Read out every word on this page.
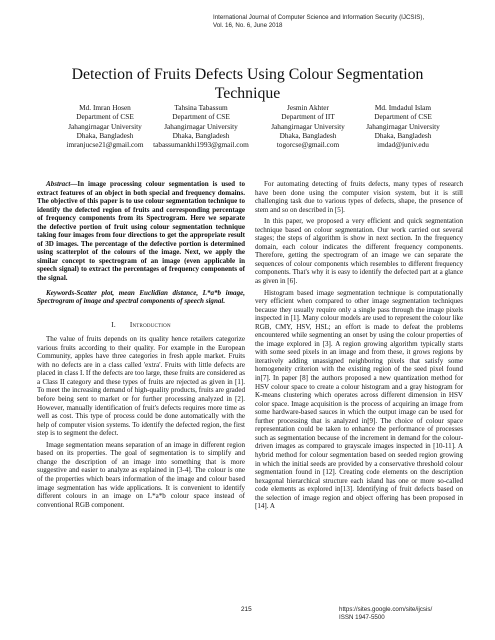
International Journal of Computer Science and Information Security (IJCSIS),
Vol. 16, No. 6, June 2018
Detection of Fruits Defects Using Colour Segmentation
Technique
Md. Imran Hosen
Department of CSE
Jahangirnagar University
Dhaka, Bangladesh
imranjucse21@gmail.com
Tahsina Tabassum
Department of CSE
Jahangirnagar University
Dhaka, Bangladesh
tabassumankhi1993@gmail.com
Jesmin Akhter
Department of IIT
Jahangirnagar University
Dhaka, Bangladesh
togorcse@gmail.com
Md. Imdadul Islam
Department of CSE
Jahangirnagar University
Dhaka, Bangladesh
imdad@juniv.edu

Abstract—In image processing colour segmentation is used to extract features of an object in both special and frequency domains. The objective of this paper is to use colour segmentation technique to identify the defected region of fruits and corresponding percentage of frequency components from its Spectrogram. Here we separate the defective portion of fruit using colour segmentation technique taking four images from four directions to get the appropriate result of 3D images. The percentage of the defective portion is determined using scatterplot of the colours of the image. Next, we apply the similar concept to spectrogram of an image (even applicable in speech signal) to extract the percentages of frequency components of the signal.

Keywords-Scatter plot, mean Euclidian distance, L*a*b image, Spectrogram of image and spectral components of speech signal.

I. Introduction

The value of fruits depends on its quality hence retailers categorize various fruits according to their quality. For example in the European Community, apples have three categories in fresh apple market. Fruits with no defects are in a class called 'extra'. Fruits with little defects are placed in class I. If the defects are too large, these fruits are considered as a Class II category and these types of fruits are rejected as given in [1]. To meet the increasing demand of high-quality products, fruits are graded before being sent to market or for further processing analyzed in [2]. However, manually identification of fruit's defects requires more time as well as cost. This type of process could be done automatically with the help of computer vision systems. To identify the defected region, the first step is to segment the defect.

Image segmentation means separation of an image in different region based on its properties. The goal of segmentation is to simplify and change the description of an image into something that is more suggestive and easier to analyze as explained in [3-4]. The colour is one of the properties which bears information of the image and colour based image segmentation has wide applications. It is convenient to identify different colours in an image on L*a*b colour space instead of conventional RGB component.

For automating detecting of fruits defects, many types of research have been done using the computer vision system, but it is still challenging task due to various types of defects, shape, the presence of stem and so on described in [5].

In this paper, we proposed a very efficient and quick segmentation technique based on colour segmentation. Our work carried out several stages; the steps of algorithm is show in next section. In the frequency domain, each colour indicates the different frequency components. Therefore, getting the spectrogram of an image we can separate the sequences of colour components which resembles to different frequency components. That's why it is easy to identify the defected part at a glance as given in [6].

Histogram based image segmentation technique is computationally very efficient when compared to other image segmentation techniques because they usually require only a single pass through the image pixels inspected in [1]. Many colour models are used to represent the colour like RGB, CMY, HSV, HSL; an effort is made to defeat the problems encountered while segmenting an onset by using the colour properties of the image explored in [3]. A region growing algorithm typically starts with some seed pixels in an image and from these, it grows regions by iteratively adding unassigned neighboring pixels that satisfy some homogeneity criterion with the existing region of the seed pixel found in[7]. In paper [8] the authors proposed a new quantization method for HSV colour space to create a colour histogram and a gray histogram for K-means clustering which operates across different dimension in HSV color space. Image acquisition is the process of acquiring an image from some hardware-based sauces in which the output image can be used for further processing that is analyzed in[9]. The choice of colour space representation could be taken to enhance the performance of processes such as segmentation because of the increment in demand for the colour-driven images as compared to grayscale images inspected in [10-11]. A hybrid method for colour segmentation based on seeded region growing in which the initial seeds are provided by a conservative threshold colour segmentation found in [12]. Creating code elements on the description hexagonal hierarchical structure each island has one or more so-called code elements as explored in[13]. Identifying of fruit defects based on the selection of image region and object offering has been proposed in [14]. A

215	https://sites.google.com/site/ijcsis/
ISSN 1947-5500
